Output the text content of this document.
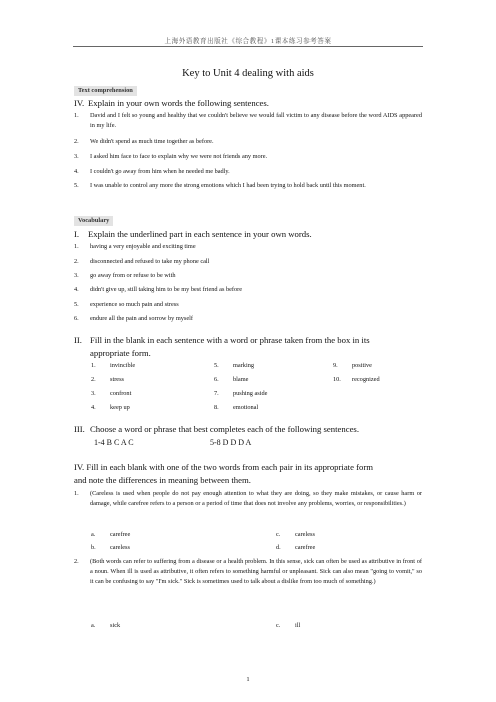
上海外语教育出版社《综合教程》1课本练习参考答案
Key to Unit 4 dealing with aids
Text comprehension
IV. Explain in your own words the following sentences.
1. David and I felt so young and healthy that we couldn't believe we would fall victim to any disease before the word AIDS appeared in my life.
2. We didn't spend as much time together as before.
3. I asked him face to face to explain why we were not friends any more.
4. I couldn't go away from him when he needed me badly.
5. I was unable to control any more the strong emotions which I had been trying to hold back until this moment.
Vocabulary
I. Explain the underlined part in each sentence in your own words.
1. having a very enjoyable and exciting time
2. disconnected and refused to take my phone call
3. go away from or refuse to be with
4. didn't give up, still taking him to be my best friend as before
5. experience so much pain and stress
6. endure all the pain and sorrow by myself
II. Fill in the blank in each sentence with a word or phrase taken from the box in its
appropriate form.
1. invincible
2. stress
3. confront
4. keep up
5. marking
6. blame
7. pushing aside
8. emotional
9. positive
10. recognized
III. Choose a word or phrase that best completes each of the following sentences.
1-4 B C A C	5-8 D D D A
IV. Fill in each blank with one of the two words from each pair in its appropriate form
and note the differences in meaning between them.
1. (Careless is used when people do not pay enough attention to what they are doing, so they make mistakes, or cause harm or damage, while carefree refers to a person or a period of time that does not involve any problems, worries, or responsibilities.)
a. carefree
b. careless
c. careless
d. carefree
2. (Both words can refer to suffering from a disease or a health problem. In this sense, sick can often be used as attributive in front of a noun. When ill is used as attributive, it often refers to something harmful or unpleasant. Sick can also mean "going to vomit," so it can be confusing to say "I'm sick." Sick is sometimes used to talk about a dislike from too much of something.)
a. sick	c. ill
1
